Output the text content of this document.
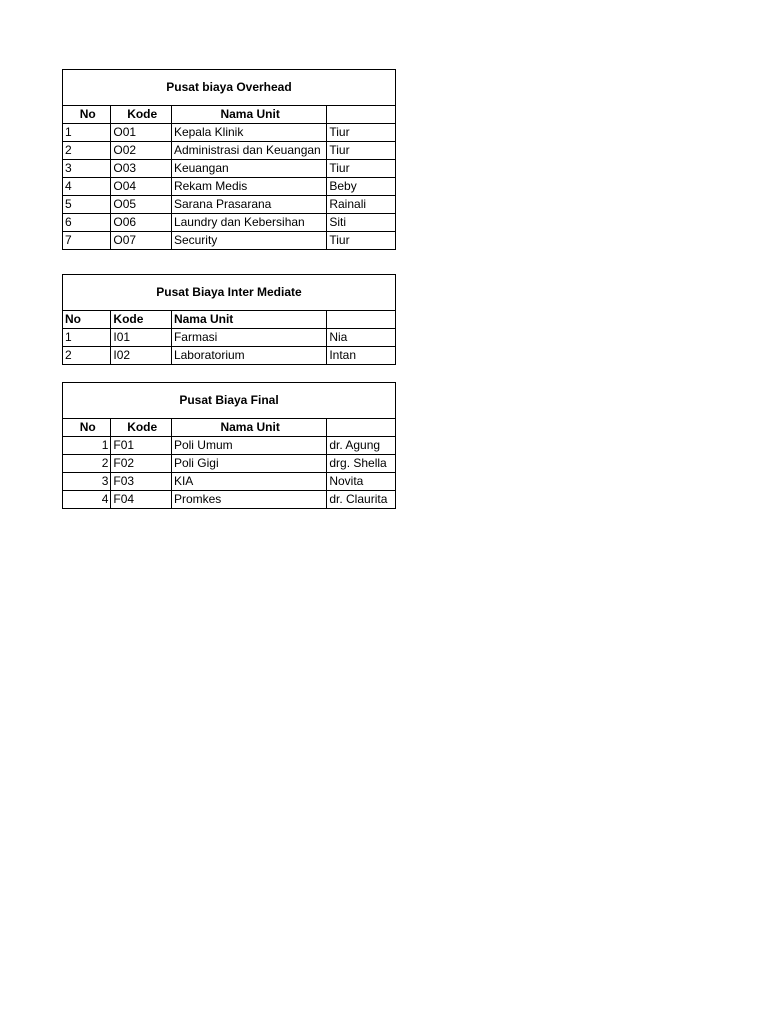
Pusat biaya Overhead			
No	Kode	Nama Unit	
1	O01	Kepala Klinik	Tiur
2	O02	Administrasi dan Keuangan	Tiur
3	O03	Keuangan	Tiur
4	O04	Rekam Medis	Beby
5	O05	Sarana Prasarana	Rainali
6	O06	Laundry dan Kebersihan	Siti
7	O07	Security	Tiur
Pusat Biaya Inter Mediate			
No	Kode	Nama Unit	
1	I01	Farmasi	Nia
2	I02	Laboratorium	Intan
Pusat Biaya Final			
No	Kode	Nama Unit	
1	F01	Poli Umum	dr. Agung
2	F02	Poli Gigi	drg. Shella
3	F03	KIA	Novita
4	F04	Promkes	dr. Claurita
